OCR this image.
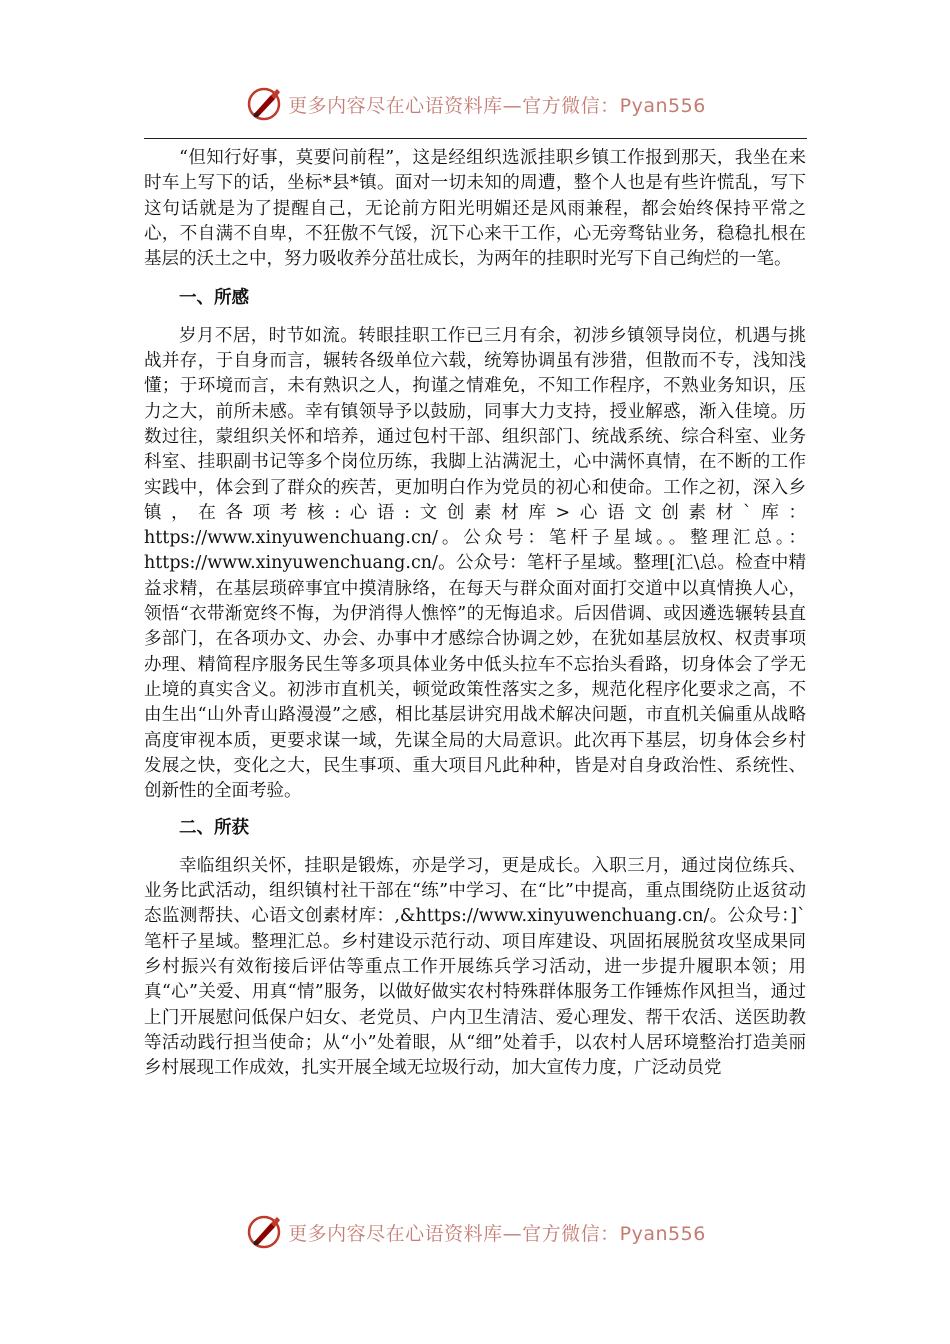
更多内容尽在心语资料库—官方微信：Pyan556

“但知行好事，莫要问前程”，这是经组织选派挂职乡镇工作报到那天，我坐在来时车上写下的话，坐标*县*镇。面对一切未知的周遭，整个人也是有些许慌乱，写下这句话就是为了提醒自己，无论前方阳光明媚还是风雨兼程，都会始终保持平常之心，不自满不自卑，不狂傲不气馁，沉下心来干工作，心无旁骛钻业务，稳稳扎根在基层的沃土之中，努力吸收养分茁壮成长，为两年的挂职时光写下自己绚烂的一笔。

一、所感

岁月不居，时节如流。转眼挂职工作已三月有余，初涉乡镇领导岗位，机遇与挑战并存，于自身而言，辗转各级单位六载，统筹协调虽有涉猎，但散而不专，浅知浅懂；于环境而言，未有熟识之人，拘谨之情难免，不知工作程序，不熟业务知识，压力之大，前所未感。幸有镇领导予以鼓励，同事大力支持，授业解惑，渐入佳境。历数过往，蒙组织关怀和培养，通过包村干部、组织部门、统战系统、综合科室、业务科室、挂职副书记等多个岗位历练，我脚上沾满泥土，心中满怀真情，在不断的工作实践中，体会到了群众的疾苦，更加明白作为党员的初心和使命。工作之初，深入乡镇，在各项考核:心语:文创素材库>心语文创素材`库：https://www.xinyuwenchuang.cn/。公众号：笔杆子星域。。整理汇总。：https://www.xinyuwenchuang.cn/。公众号：笔杆子星域。整理[汇\总。检查中精益求精，在基层琐碎事宜中摸清脉络，在每天与群众面对面打交道中以真情换人心，领悟“衣带渐宽终不悔，为伊消得人憔悴”的无悔追求。后因借调、或因遴选辗转县直多部门，在各项办文、办会、办事中才感综合协调之妙，在犹如基层放权、权责事项办理、精简程序服务民生等多项具体业务中低头拉车不忘抬头看路，切身体会了学无止境的真实含义。初涉市直机关，顿觉政策性落实之多，规范化程序化要求之高，不由生出“山外青山路漫漫”之感，相比基层讲究用战术解决问题，市直机关偏重从战略高度审视本质，更要求谋一域，先谋全局的大局意识。此次再下基层，切身体会乡村发展之快，变化之大，民生事项、重大项目凡此种种，皆是对自身政治性、系统性、创新性的全面考验。

二、所获

幸临组织关怀，挂职是锻炼，亦是学习，更是成长。入职三月，通过岗位练兵、业务比武活动，组织镇村社干部在“练”中学习、在“比”中提高，重点围绕防止返贫动态监测帮扶、心语文创素材库：,&https://www.xinyuwenchuang.cn/。公众号：]`笔杆子星域。整理汇总。乡村建设示范行动、项目库建设、巩固拓展脱贫攻坚成果同乡村振兴有效衔接后评估等重点工作开展练兵学习活动，进一步提升履职本领；用真“心”关爱、用真“情”服务，以做好做实农村特殊群体服务工作锤炼作风担当，通过上门开展慰问低保户妇女、老党员、户内卫生清洁、爱心理发、帮干农活、送医助教等活动践行担当使命；从“小”处着眼，从“细”处着手，以农村人居环境整治打造美丽乡村展现工作成效，扎实开展全域无垃圾行动，加大宣传力度，广泛动员党

更多内容尽在心语资料库—官方微信：Pyan556
